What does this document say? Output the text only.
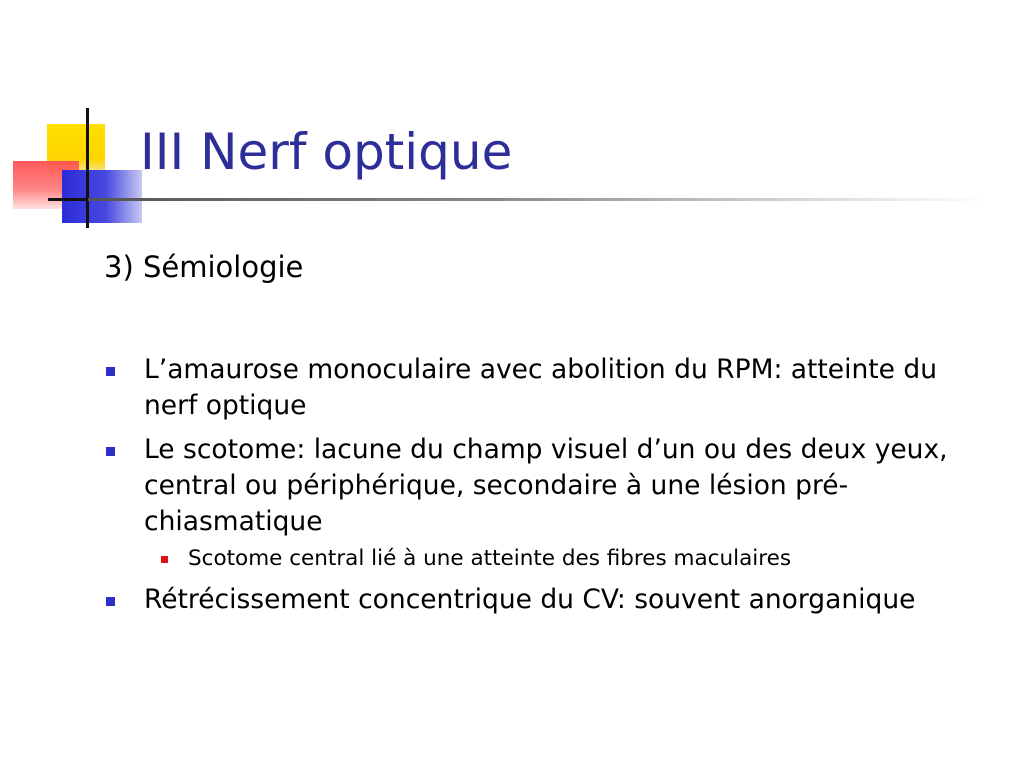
III Nerf optique
3) Sémiologie
L’amaurose monoculaire avec abolition du RPM: atteinte du nerf optique
Le scotome: lacune du champ visuel d’un ou des deux yeux, central ou périphérique, secondaire à une lésion pré-chiasmatique
Scotome central lié à une atteinte des fibres maculaires
Rétrécissement concentrique du CV: souvent anorganique
